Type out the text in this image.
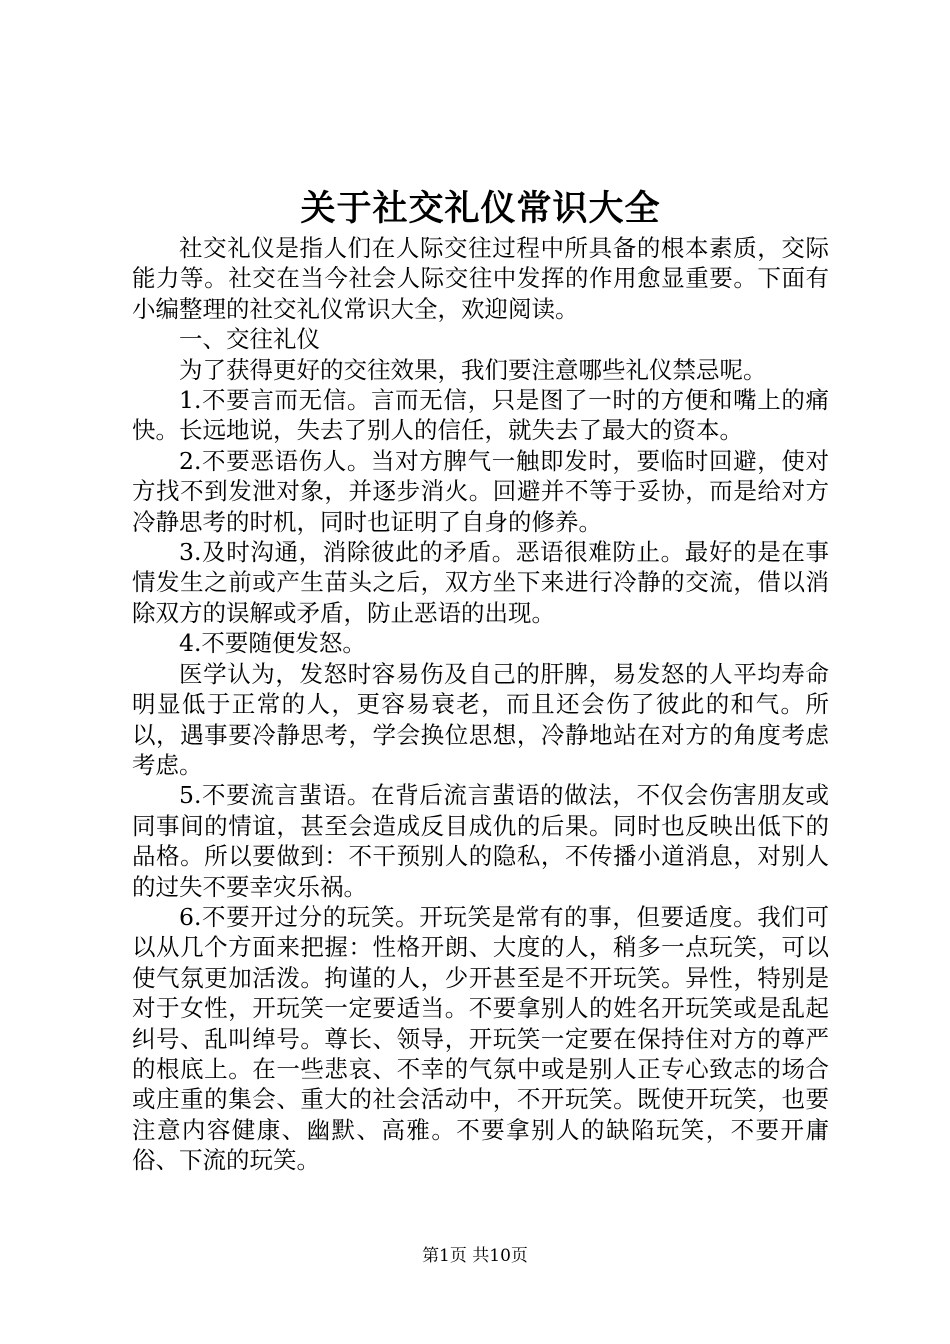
关于社交礼仪常识大全

社交礼仪是指人们在人际交往过程中所具备的根本素质，交际能力等。社交在当今社会人际交往中发挥的作用愈显重要。下面有小编整理的社交礼仪常识大全，欢迎阅读。

一、交往礼仪

为了获得更好的交往效果，我们要注意哪些礼仪禁忌呢。

1.不要言而无信。言而无信，只是图了一时的方便和嘴上的痛快。长远地说，失去了别人的信任，就失去了最大的资本。

2.不要恶语伤人。当对方脾气一触即发时，要临时回避，使对方找不到发泄对象，并逐步消火。回避并不等于妥协，而是给对方冷静思考的时机，同时也证明了自身的修养。

3.及时沟通，消除彼此的矛盾。恶语很难防止。最好的是在事情发生之前或产生苗头之后，双方坐下来进行冷静的交流，借以消除双方的误解或矛盾，防止恶语的出现。

4.不要随便发怒。

医学认为，发怒时容易伤及自己的肝脾，易发怒的人平均寿命明显低于正常的人，更容易衰老，而且还会伤了彼此的和气。所以，遇事要冷静思考，学会换位思想，冷静地站在对方的角度考虑考虑。

5.不要流言蜚语。在背后流言蜚语的做法，不仅会伤害朋友或同事间的情谊，甚至会造成反目成仇的后果。同时也反映出低下的品格。所以要做到：不干预别人的隐私，不传播小道消息，对别人的过失不要幸灾乐祸。

6.不要开过分的玩笑。开玩笑是常有的事，但要适度。我们可以从几个方面来把握：性格开朗、大度的人，稍多一点玩笑，可以使气氛更加活泼。拘谨的人，少开甚至是不开玩笑。异性，特别是对于女性，开玩笑一定要适当。不要拿别人的姓名开玩笑或是乱起纠号、乱叫绰号。尊长、领导，开玩笑一定要在保持住对方的尊严的根底上。在一些悲哀、不幸的气氛中或是别人正专心致志的场合或庄重的集会、重大的社会活动中，不开玩笑。既使开玩笑，也要注意内容健康、幽默、高雅。不要拿别人的缺陷玩笑，不要开庸俗、下流的玩笑。

第1页 共10页
